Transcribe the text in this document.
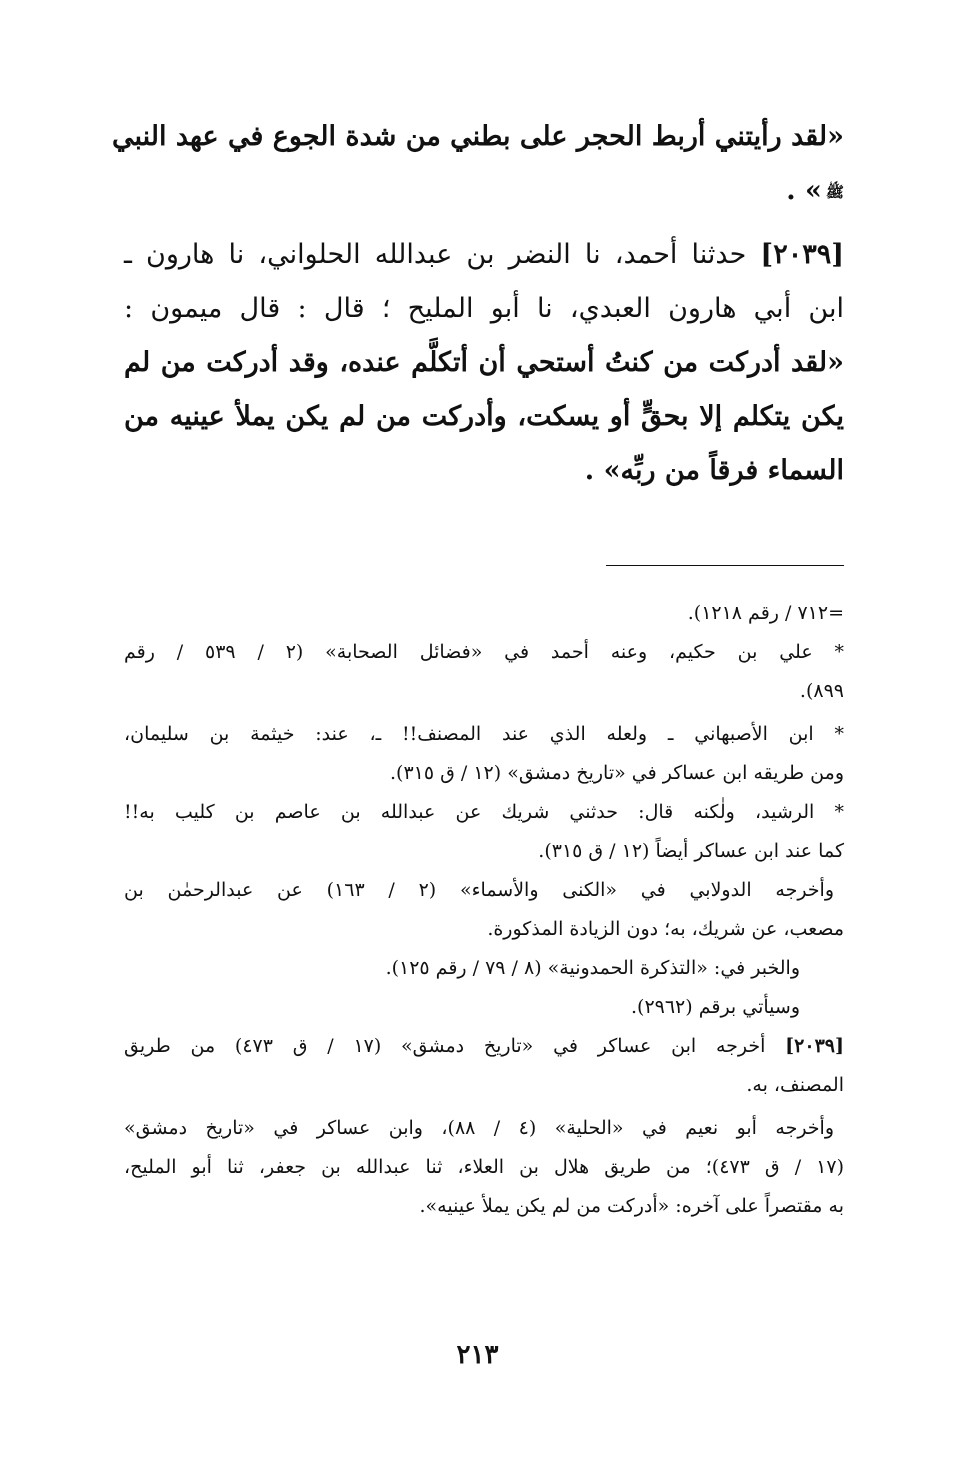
«لقد رأيتني أربط الحجر على بطني من شدة الجوع في عهد النبي
ﷺ» .
[٢٠٣٩] حدثنا أحمد، نا النضر بن عبدالله الحلواني، نا هارون ـ
ابن أبي هارون العبدي، نا أبو المليح ؛ قال : قال ميمون :
«لقد أدركت من كنتُ أستحي أن أتكلَّم عنده، وقد أدركت من لم
يكن يتكلم إلا بحقٍّ أو يسكت، وأدركت من لم يكن يملأ عينيه من
السماء فرقاً من ربِّه» .
=٧١٢ / رقم ١٢١٨).
* علي بن حكيم، وعنه أحمد في «فضائل الصحابة» (٢ / ٥٣٩ / رقم
٨٩٩).
* ابن الأصبهاني ـ ولعله الذي عند المصنف!! ـ، عند: خيثمة بن سليمان،
ومن طريقه ابن عساكر في «تاريخ دمشق» (١٢ / ق ٣١٥).
* الرشيد، ولٰكنه قال: حدثني شريك عن عبدالله بن عاصم بن كليب به!!
كما عند ابن عساكر أيضاً (١٢ / ق ٣١٥).
وأخرجه الدولابي في «الكنى والأسماء» (٢ / ١٦٣) عن عبدالرحمٰن بن
مصعب، عن شريك، به؛ دون الزيادة المذكورة.
والخبر في: «التذكرة الحمدونية» (٨ / ٧٩ / رقم ١٢٥).
وسيأتي برقم (٢٩٦٢).
[٢٠٣٩] أخرجه ابن عساكر في «تاريخ دمشق» (١٧ / ق ٤٧٣) من طريق
المصنف، به.
وأخرجه أبو نعيم في «الحلية» (٤ / ٨٨)، وابن عساكر في «تاريخ دمشق»
(١٧ / ق ٤٧٣)؛ من طريق هلال بن العلاء، ثنا عبدالله بن جعفر، ثنا أبو المليح،
به مقتصراً على آخره: «أدركت من لم يكن يملأ عينيه».
٢١٣
